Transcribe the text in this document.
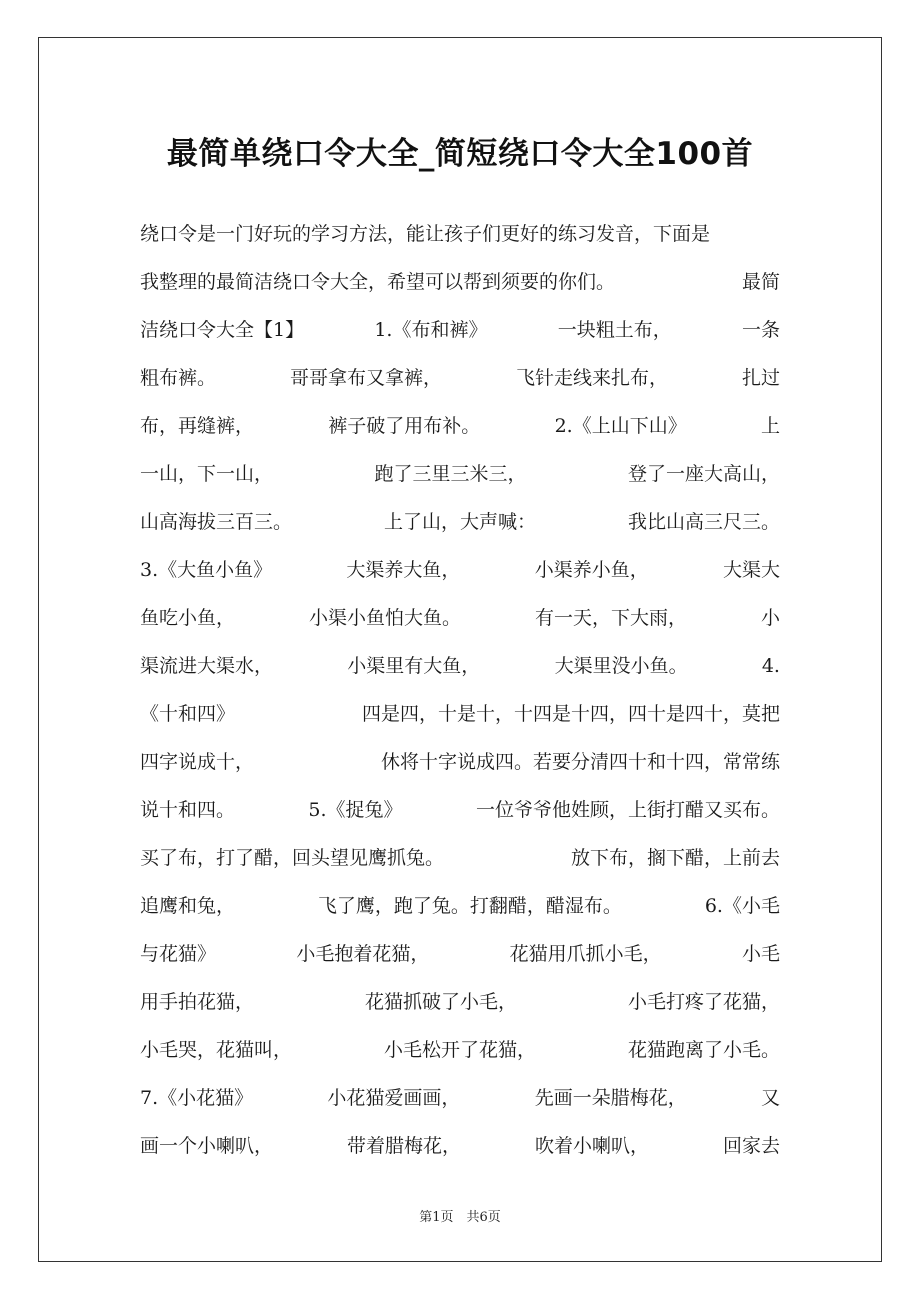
最简单绕口令大全_简短绕口令大全100首
绕口令是一门好玩的学习方法，能让孩子们更好的练习发音，下面是
我整理的最简洁绕口令大全，希望可以帮到须要的你们。	最简
洁绕口令大全【1】	1.《布和裤》	一块粗土布，	一条
粗布裤。	哥哥拿布又拿裤，	飞针走线来扎布，	扎过
布，再缝裤，	裤子破了用布补。	2.《上山下山》	上
一山，下一山，	跑了三里三米三，	登了一座大高山，
山高海拔三百三。	上了山，大声喊：	我比山高三尺三。
3.《大鱼小鱼》	大渠养大鱼，	小渠养小鱼，	大渠大
鱼吃小鱼，	小渠小鱼怕大鱼。	有一天，下大雨，	小
渠流进大渠水，	小渠里有大鱼，	大渠里没小鱼。	4.
《十和四》	四是四，十是十，十四是十四，四十是四十，莫把
四字说成十，	休将十字说成四。若要分清四十和十四，常常练
说十和四。	5.《捉兔》	一位爷爷他姓顾，上街打醋又买布。
买了布，打了醋，回头望见鹰抓兔。	放下布，搁下醋，上前去
追鹰和兔，	飞了鹰，跑了兔。打翻醋，醋湿布。	6.《小毛
与花猫》	小毛抱着花猫，	花猫用爪抓小毛，	小毛
用手拍花猫，	花猫抓破了小毛，	小毛打疼了花猫，
小毛哭，花猫叫，	小毛松开了花猫，	花猫跑离了小毛。
7.《小花猫》	小花猫爱画画，	先画一朵腊梅花，	又
画一个小喇叭，	带着腊梅花，	吹着小喇叭，	回家去
第1页　共6页
